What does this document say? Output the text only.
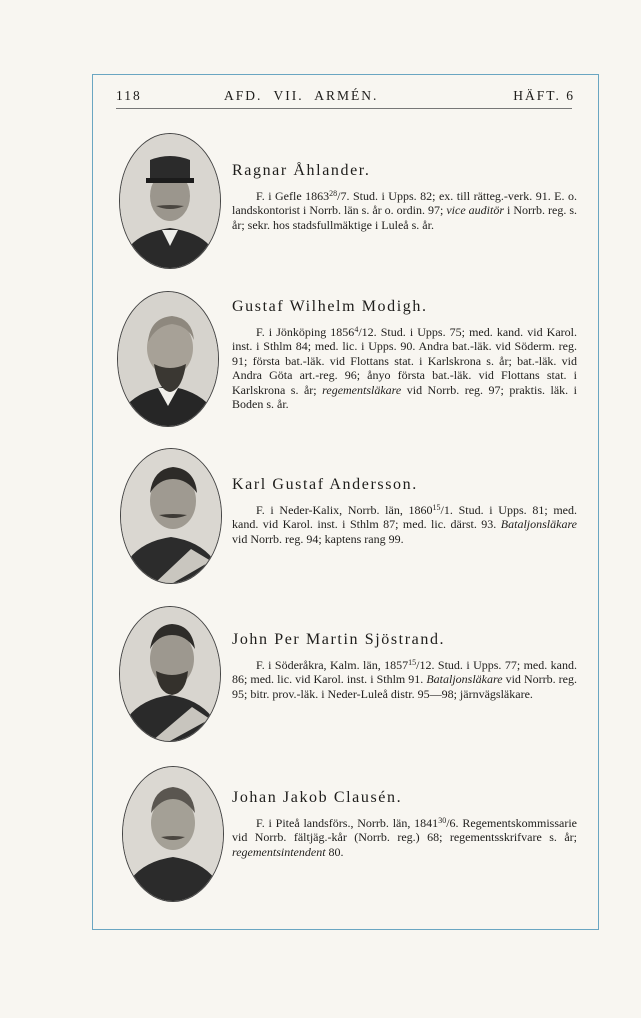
118	AFD. VII. ARMÉN.	HÄFT. 6
Ragnar Åhlander.

F. i Gefle 1863$^{28}$/7. Stud. i Upps. 82; ex. till rätteg.-verk. 91. E. o. landskontorist i Norrb. län s. år o. ordin. 97; vice auditör i Norrb. reg. s. år; sekr. hos stadsfullmäktige i Luleå s. år.

Gustaf Wilhelm Modigh.

F. i Jönköping 1856$^4$/12. Stud. i Upps. 75; med. kand. vid Karol. inst. i Sthlm 84; med. lic. i Upps. 90. Andra bat.-läk. vid Söderm. reg. 91; första bat.-läk. vid Flottans stat. i Karlskrona s. år; bat.-läk. vid Andra Göta art.-reg. 96; ånyo första bat.-läk. vid Flottans stat. i Karlskrona s. år; regementsläkare vid Norrb. reg. 97; praktis. läk. i Boden s. år.

Karl Gustaf Andersson.

F. i Neder-Kalix, Norrb. län, 1860$^{15}$/1. Stud. i Upps. 81; med. kand. vid Karol. inst. i Sthlm 87; med. lic. därst. 93. Bataljonsläkare vid Norrb. reg. 94; kaptens rang 99.

John Per Martin Sjöstrand.

F. i Söderåkra, Kalm. län, 1857$^{15}$/12. Stud. i Upps. 77; med. kand. 86; med. lic. vid Karol. inst. i Sthlm 91. Bataljonsläkare vid Norrb. reg. 95; bitr. prov.-läk. i Neder-Luleå distr. 95—98; järnvägsläkare.

Johan Jakob Clausén.

F. i Piteå landsförs., Norrb. län, 1841$^{30}$/6. Regementskommissarie vid Norrb. fältjäg.-kår (Norrb. reg.) 68; regementsskrifvare s. år; regementsintendent 80.
